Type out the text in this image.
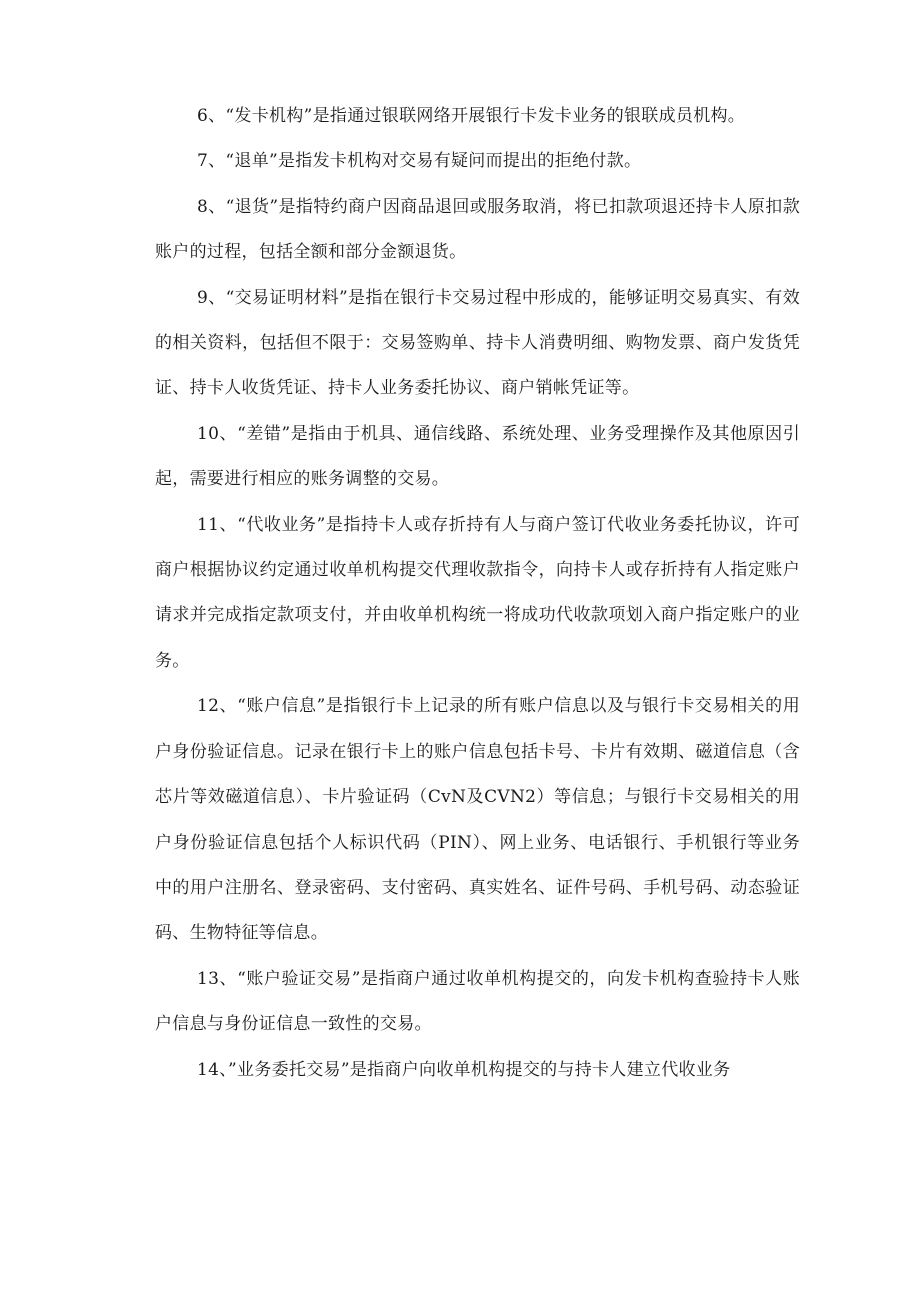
6、“发卡机构”是指通过银联网络开展银行卡发卡业务的银联成员机构。

7、“退单”是指发卡机构对交易有疑问而提出的拒绝付款。

8、“退货”是指特约商户因商品退回或服务取消，将已扣款项退还持卡人原扣款账户的过程，包括全额和部分金额退货。

9、“交易证明材料”是指在银行卡交易过程中形成的，能够证明交易真实、有效的相关资料，包括但不限于：交易签购单、持卡人消费明细、购物发票、商户发货凭证、持卡人收货凭证、持卡人业务委托协议、商户销帐凭证等。

10、“差错”是指由于机具、通信线路、系统处理、业务受理操作及其他原因引起，需要进行相应的账务调整的交易。

11、“代收业务”是指持卡人或存折持有人与商户签订代收业务委托协议，许可商户根据协议约定通过收单机构提交代理收款指令，向持卡人或存折持有人指定账户请求并完成指定款项支付，并由收单机构统一将成功代收款项划入商户指定账户的业务。

12、“账户信息”是指银行卡上记录的所有账户信息以及与银行卡交易相关的用户身份验证信息。记录在银行卡上的账户信息包括卡号、卡片有效期、磁道信息（含芯片等效磁道信息）、卡片验证码（CvN及CVN2）等信息；与银行卡交易相关的用户身份验证信息包括个人标识代码（PIN）、网上业务、电话银行、手机银行等业务中的用户注册名、登录密码、支付密码、真实姓名、证件号码、手机号码、动态验证码、生物特征等信息。

13、“账户验证交易”是指商户通过收单机构提交的，向发卡机构查验持卡人账户信息与身份证信息一致性的交易。

14、”业务委托交易”是指商户向收单机构提交的与持卡人建立代收业务
